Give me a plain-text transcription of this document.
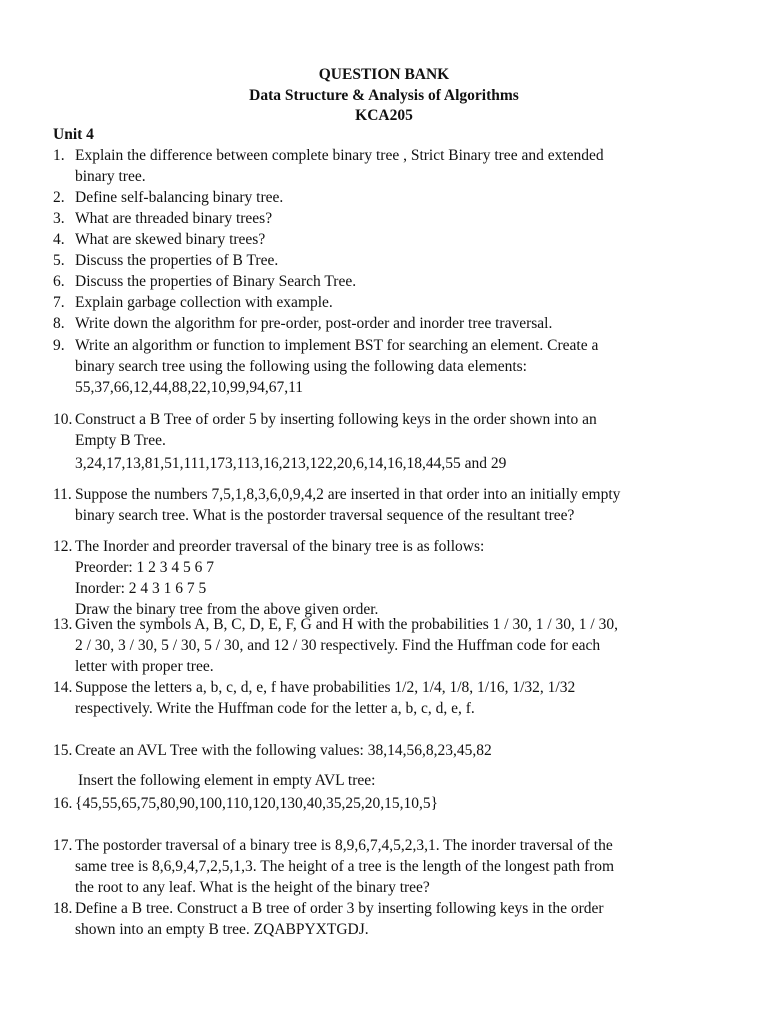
QUESTION BANK
Data Structure & Analysis of Algorithms
KCA205
Unit 4
1. Explain the difference between complete binary tree , Strict Binary tree and extended
binary tree.
2. Define self-balancing binary tree.
3. What are threaded binary trees?
4. What are skewed binary trees?
5. Discuss the properties of B Tree.
6. Discuss the properties of Binary Search Tree.
7. Explain garbage collection with example.
8. Write down the algorithm for pre-order, post-order and inorder tree traversal.
9. Write an algorithm or function to implement BST for searching an element. Create a
binary search tree using the following using the following data elements:
55,37,66,12,44,88,22,10,99,94,67,11
10. Construct a B Tree of order 5 by inserting following keys in the order shown into an
Empty B Tree.
3,24,17,13,81,51,111,173,113,16,213,122,20,6,14,16,18,44,55 and 29
11. Suppose the numbers 7,5,1,8,3,6,0,9,4,2 are inserted in that order into an initially empty
binary search tree. What is the postorder traversal sequence of the resultant tree?
12. The Inorder and preorder traversal of the binary tree is as follows:
Preorder: 1 2 3 4 5 6 7
Inorder: 2 4 3 1 6 7 5
Draw the binary tree from the above given order.
13. Given the symbols A, B, C, D, E, F, G and H with the probabilities 1 / 30, 1 / 30, 1 / 30,
2 / 30, 3 / 30, 5 / 30, 5 / 30, and 12 / 30 respectively. Find the Huffman code for each
letter with proper tree.
14. Suppose the letters a, b, c, d, e, f have probabilities 1/2, 1/4, 1/8, 1/16, 1/32, 1/32
respectively. Write the Huffman code for the letter a, b, c, d, e, f.
15. Create an AVL Tree with the following values: 38,14,56,8,23,45,82
16. {45,55,65,75,80,90,100,110,120,130,40,35,25,20,15,10,5}
17. The postorder traversal of a binary tree is 8,9,6,7,4,5,2,3,1. The inorder traversal of the
same tree is 8,6,9,4,7,2,5,1,3. The height of a tree is the length of the longest path from
the root to any leaf. What is the height of the binary tree?
18. Define a B tree. Construct a B tree of order 3 by inserting following keys in the order
shown into an empty B tree. ZQABPYXTGDJ.
Insert the following element in empty AVL tree:
